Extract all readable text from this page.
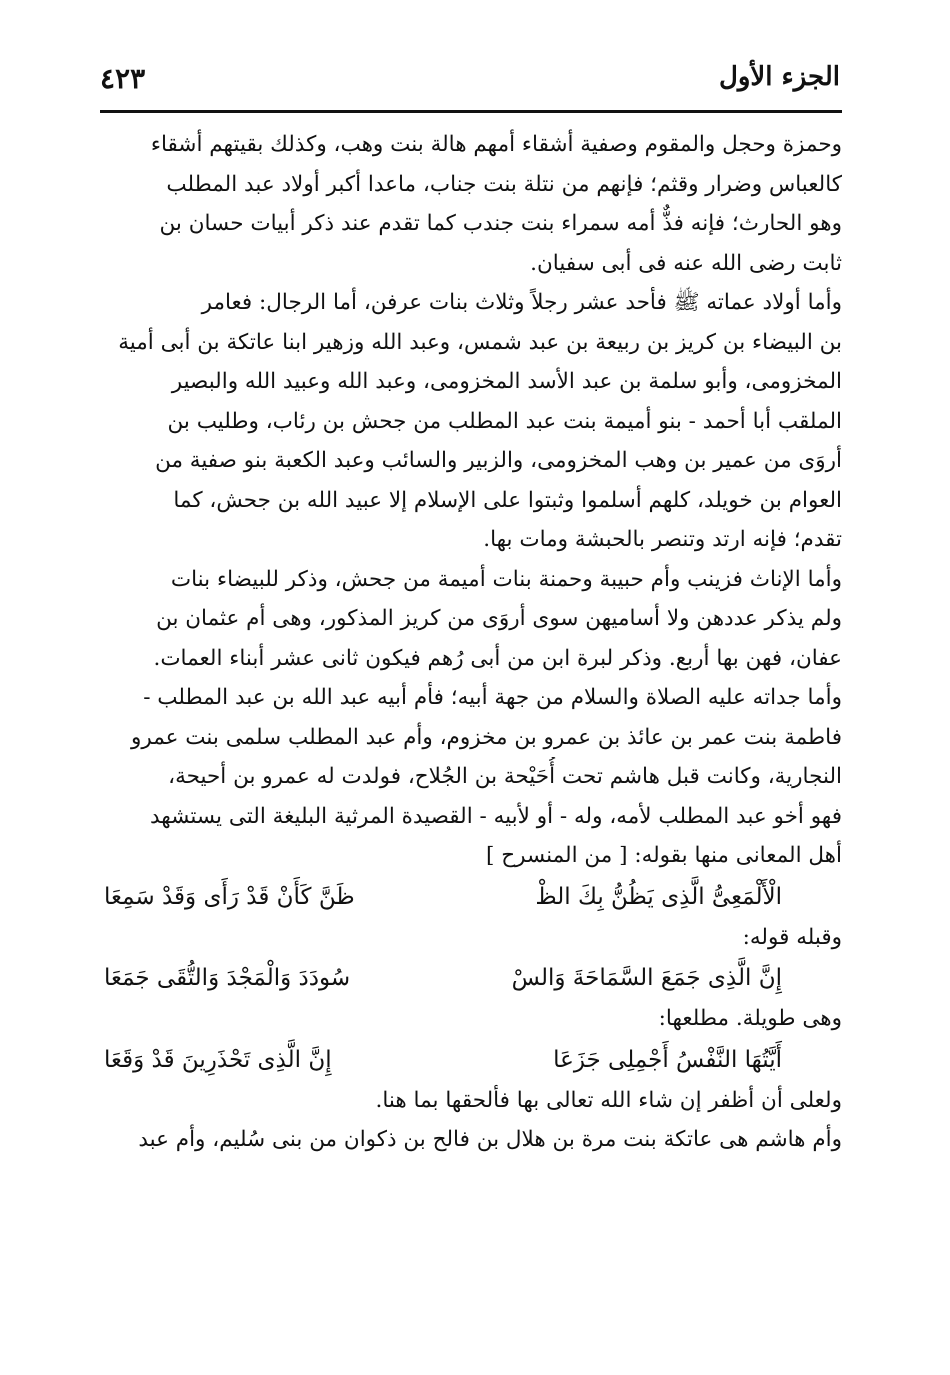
الجزء الأول
٤٢٣
وحمزة وحجل والمقوم وصفية أشقاء أمهم هالة بنت وهب، وكذلك بقيتهم أشقاء
كالعباس وضرار وقثم؛ فإنهم من نتلة بنت جناب، ماعدا أكبر أولاد عبد المطلب
وهو الحارث؛ فإنه فذٌّ أمه سمراء بنت جندب كما تقدم عند ذكر أبيات حسان بن
ثابت رضى الله عنه فى أبى سفيان.
وأما أولاد عماته ﷺ فأحد عشر رجلاً وثلاث بنات عرفن، أما الرجال: فعامر
بن البيضاء بن كريز بن ربيعة بن عبد شمس، وعبد الله وزهير ابنا عاتكة بن أبى أمية
المخزومى، وأبو سلمة بن عبد الأسد المخزومى، وعبد الله وعبيد الله والبصير
الملقب أبا أحمد - بنو أميمة بنت عبد المطلب من جحش بن رئاب، وطليب بن
أروَى من عمير بن وهب المخزومى، والزبير والسائب وعبد الكعبة بنو صفية من
العوام بن خويلد، كلهم أسلموا وثبتوا على الإسلام إلا عبيد الله بن جحش، كما
تقدم؛ فإنه ارتد وتنصر بالحبشة ومات بها.
وأما الإناث فزينب وأم حبيبة وحمنة بنات أميمة من جحش، وذكر للبيضاء بنات
ولم يذكر عددهن ولا أساميهن سوى أروَى من كريز المذكور، وهى أم عثمان بن
عفان، فهن بها أربع. وذكر لبرة ابن من أبى رُهم فيكون ثانى عشر أبناء العمات.
وأما جداته عليه الصلاة والسلام من جهة أبيه؛ فأم أبيه عبد الله بن عبد المطلب -
فاطمة بنت عمر بن عائذ بن عمرو بن مخزوم، وأم عبد المطلب سلمى بنت عمرو
النجارية، وكانت قبل هاشم تحت أُحَيْحة بن الجُلاح، فولدت له عمرو بن أحيحة،
فهو أخو عبد المطلب لأمه، وله - أو لأبيه - القصيدة المرثية البليغة التى يستشهد
أهل المعانى منها بقوله: [ من المنسرح ]
الْأَلْمَعِىُّ الَّذِى يَظُنُّ بِكَ الظْ
ظَنَّ كَأَنْ قَدْ رَأَى وَقَدْ سَمِعَا
وقبله قوله:
إِنَّ الَّذِى جَمَعَ السَّمَاحَةَ وَالسْ
سُودَدَ وَالْمَجْدَ وَالتُّقَى جَمَعَا
وهى طويلة. مطلعها:
أَيَّتُهَا النَّفْسُ أَجْمِلِى جَزَعَا
إِنَّ الَّذِى تَحْذَرِينَ قَدْ وَقَعَا
ولعلى أن أظفر إن شاء الله تعالى بها فألحقها بما هنا.
وأم هاشم هى عاتكة بنت مرة بن هلال بن فالح بن ذكوان من بنى سُليم، وأم عبد
